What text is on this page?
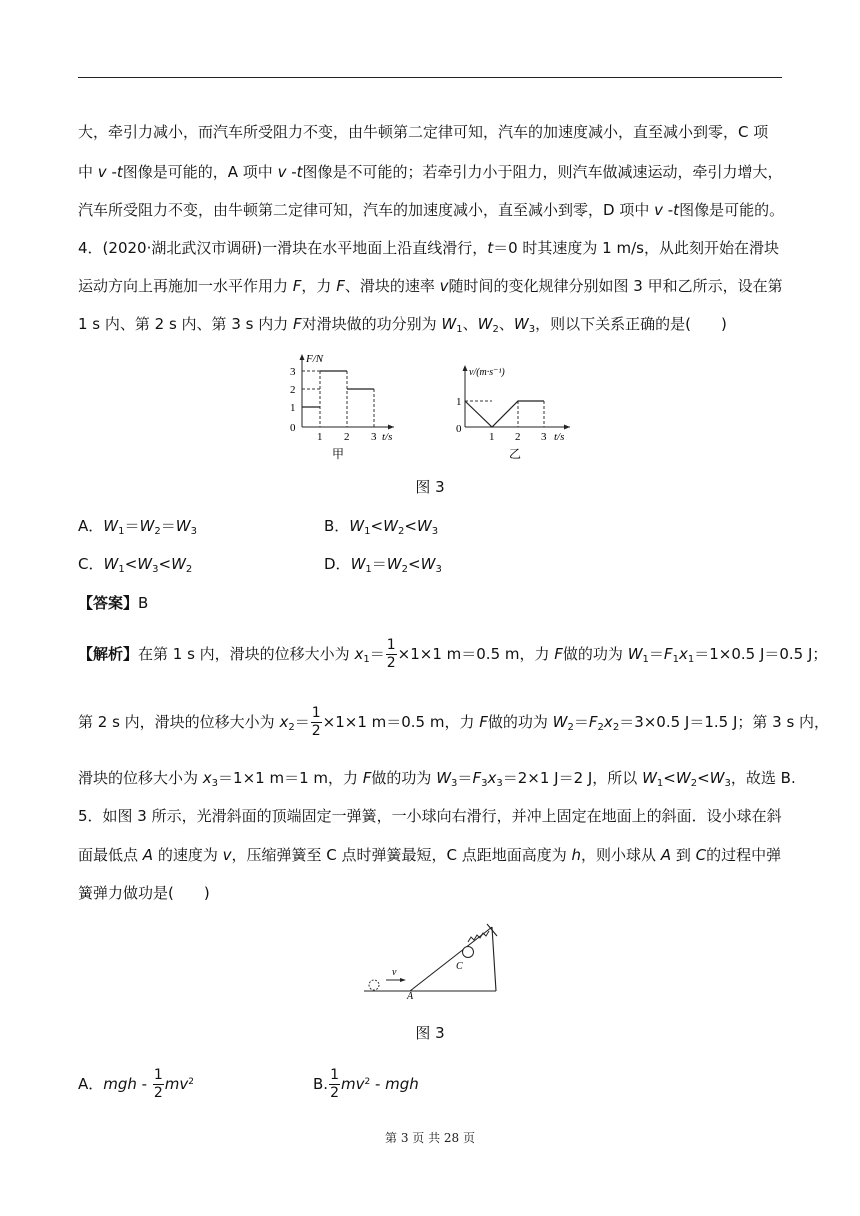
大，牵引力减小，而汽车所受阻力不变，由牛顿第二定律可知，汽车的加速度减小，直至减小到零，C 项
中 v -t图像是可能的，A 项中 v -t图像是不可能的；若牵引力小于阻力，则汽车做减速运动，牵引力增大，
汽车所受阻力不变，由牛顿第二定律可知，汽车的加速度减小，直至减小到零，D 项中 v -t图像是可能的。
4．(2020·湖北武汉市调研)一滑块在水平地面上沿直线滑行，t＝0 时其速度为 1 m/s，从此刻开始在滑块
运动方向上再施加一水平作用力 F，力 F、滑块的速率 v随时间的变化规律分别如图 3 甲和乙所示，设在第
1 s 内、第 2 s 内、第 3 s 内力 F对滑块做的功分别为 $W_1$、$W_2$、$W_3$，则以下关系正确的是(　　)
F/N
3
2
1
0
1 2 3 t/s
甲
v/(m·s⁻¹)
1
0
1 2 3 t/s
乙
图 3
A．$W_1=W_2=W_3$	B．$W_1<W_2<W_3$
C．$W_1<W_3<W_2$	D．$W_1=W_2<W_3$
【答案】B
【解析】在第 1 s 内，滑块的位移大小为 $x_1= \frac{1}{2} \times 1\times 1$ m＝0.5 m，力 F做的功为 $W_1=F_1x_1=1\times 0.5$ J＝0.5 J；
第 2 s 内，滑块的位移大小为 $x_2= \frac{1}{2} \times 1\times 1$ m＝0.5 m，力 F做的功为 $W_2=F_2x_2=3\times 0.5$ J＝1.5 J；第 3 s 内，
滑块的位移大小为 $x_3=1\times 1$ m＝1 m，力 F做的功为 $W_3=F_3x_3=2\times 1$ J＝2 J，所以 $W_1<W_2<W_3$，故选 B.
5．如图 3 所示，光滑斜面的顶端固定一弹簧，一小球向右滑行，并冲上固定在地面上的斜面．设小球在斜
面最低点 A 的速度为 v，压缩弹簧至 C 点时弹簧最短，C 点距地面高度为 h，则小球从 A 到 C的过程中弹
簧弹力做功是(　　)
v
A
C
图 3
A．mgh - $\frac{1}{2} mv^2$	B. $\frac{1}{2} mv^2$ - mgh
第 3 页 共 28 页
